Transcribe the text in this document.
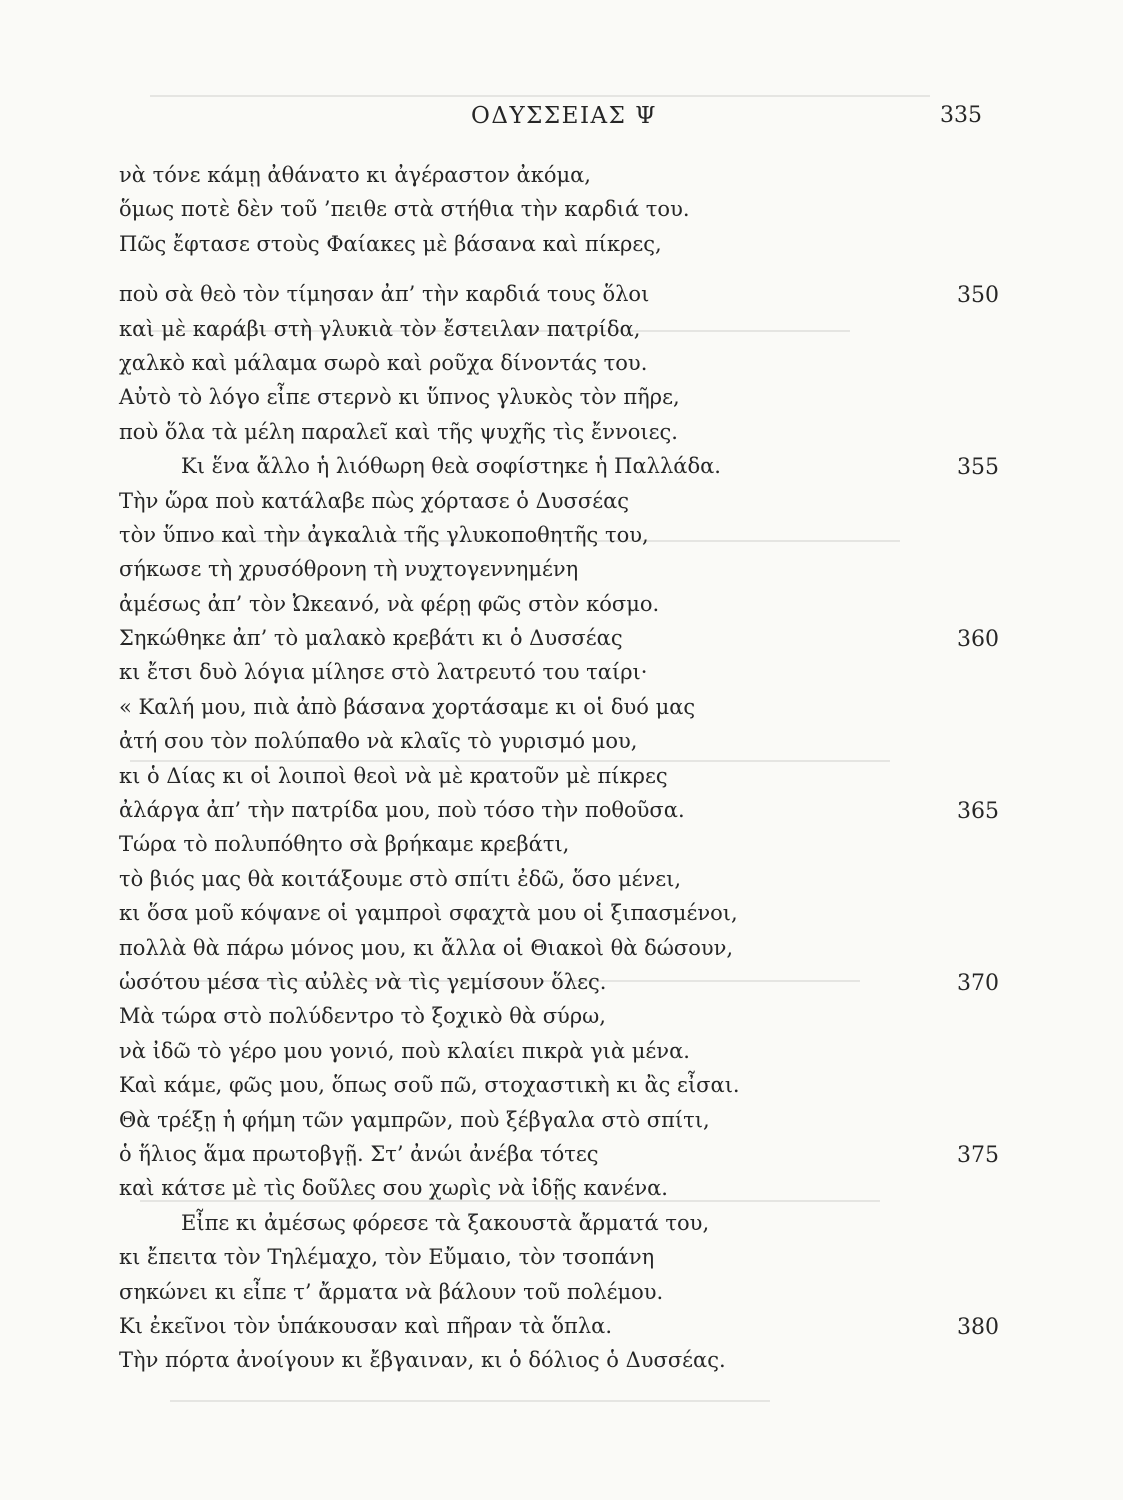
ΟΔΥΣΣΕΙΑΣ Ψ	335
νὰ τόνε κάμῃ ἀθάνατο κι ἀγέραστον ἀκόμα,
ὅμως ποτὲ δὲν τοῦ ’πειθε στὰ στήθια τὴν καρδιά του.
Πῶς ἔφτασε στοὺς Φαίακες μὲ βάσανα καὶ πίκρες,
ποὺ σὰ θεὸ τὸν τίμησαν ἀπ’ τὴν καρδιά τους ὅλοι	350
καὶ μὲ καράβι στὴ γλυκιὰ τὸν ἔστειλαν πατρίδα,
χαλκὸ καὶ μάλαμα σωρὸ καὶ ροῦχα δίνοντάς του.
Αὐτὸ τὸ λόγο εἶπε στερνὸ κι ὕπνος γλυκὸς τὸν πῆρε,
ποὺ ὅλα τὰ μέλη παραλεῖ καὶ τῆς ψυχῆς τὶς ἔννοιες.
Κι ἕνα ἄλλο ἡ λιόθωρη θεὰ σοφίστηκε ἡ Παλλάδα.	355
Τὴν ὥρα ποὺ κατάλαβε πὼς χόρτασε ὁ Δυσσέας
τὸν ὕπνο καὶ τὴν ἀγκαλιὰ τῆς γλυκοποθητῆς του,
σήκωσε τὴ χρυσόθρονη τὴ νυχτογεννημένη
ἀμέσως ἀπ’ τὸν Ὠκεανό, νὰ φέρῃ φῶς στὸν κόσμο.
Σηκώθηκε ἀπ’ τὸ μαλακὸ κρεβάτι κι ὁ Δυσσέας	360
κι ἔτσι δυὸ λόγια μίλησε στὸ λατρευτό του ταίρι·
« Καλή μου, πιὰ ἀπὸ βάσανα χορτάσαμε κι οἱ δυό μας
ἀτή σου τὸν πολύπαθο νὰ κλαῖς τὸ γυρισμό μου,
κι ὁ Δίας κι οἱ λοιποὶ θεοὶ νὰ μὲ κρατοῦν μὲ πίκρες
ἀλάργα ἀπ’ τὴν πατρίδα μου, ποὺ τόσο τὴν ποθοῦσα.	365
Τώρα τὸ πολυπόθητο σὰ βρήκαμε κρεβάτι,
τὸ βιός μας θὰ κοιτάξουμε στὸ σπίτι ἐδῶ, ὅσο μένει,
κι ὅσα μοῦ κόψανε οἱ γαμπροὶ σφαχτὰ μου οἱ ξιπασμένοι,
πολλὰ θὰ πάρω μόνος μου, κι ἄλλα οἱ Θιακοὶ θὰ δώσουν,
ὡσότου μέσα τὶς αὐλὲς νὰ τὶς γεμίσουν ὅλες.	370
Μὰ τώρα στὸ πολύδεντρο τὸ ξοχικὸ θὰ σύρω,
νὰ ἰδῶ τὸ γέρο μου γονιό, ποὺ κλαίει πικρὰ γιὰ μένα.
Καὶ κάμε, φῶς μου, ὅπως σοῦ πῶ, στοχαστικὴ κι ἂς εἶσαι.
Θὰ τρέξῃ ἡ φήμη τῶν γαμπρῶν, ποὺ ξέβγαλα στὸ σπίτι,
ὁ ἥλιος ἅμα πρωτοβγῇ. Στ’ ἀνώι ἀνέβα τότες	375
καὶ κάτσε μὲ τὶς δοῦλες σου χωρὶς νὰ ἰδῇς κανένα.
Εἶπε κι ἀμέσως φόρεσε τὰ ξακουστὰ ἄρματά του,
κι ἔπειτα τὸν Τηλέμαχο, τὸν Εὔμαιο, τὸν τσοπάνη
σηκώνει κι εἶπε τ’ ἄρματα νὰ βάλουν τοῦ πολέμου.
Κι ἐκεῖνοι τὸν ὑπάκουσαν καὶ πῆραν τὰ ὅπλα.	380
Τὴν πόρτα ἀνοίγουν κι ἔβγαιναν, κι ὁ δόλιος ὁ Δυσσέας.
